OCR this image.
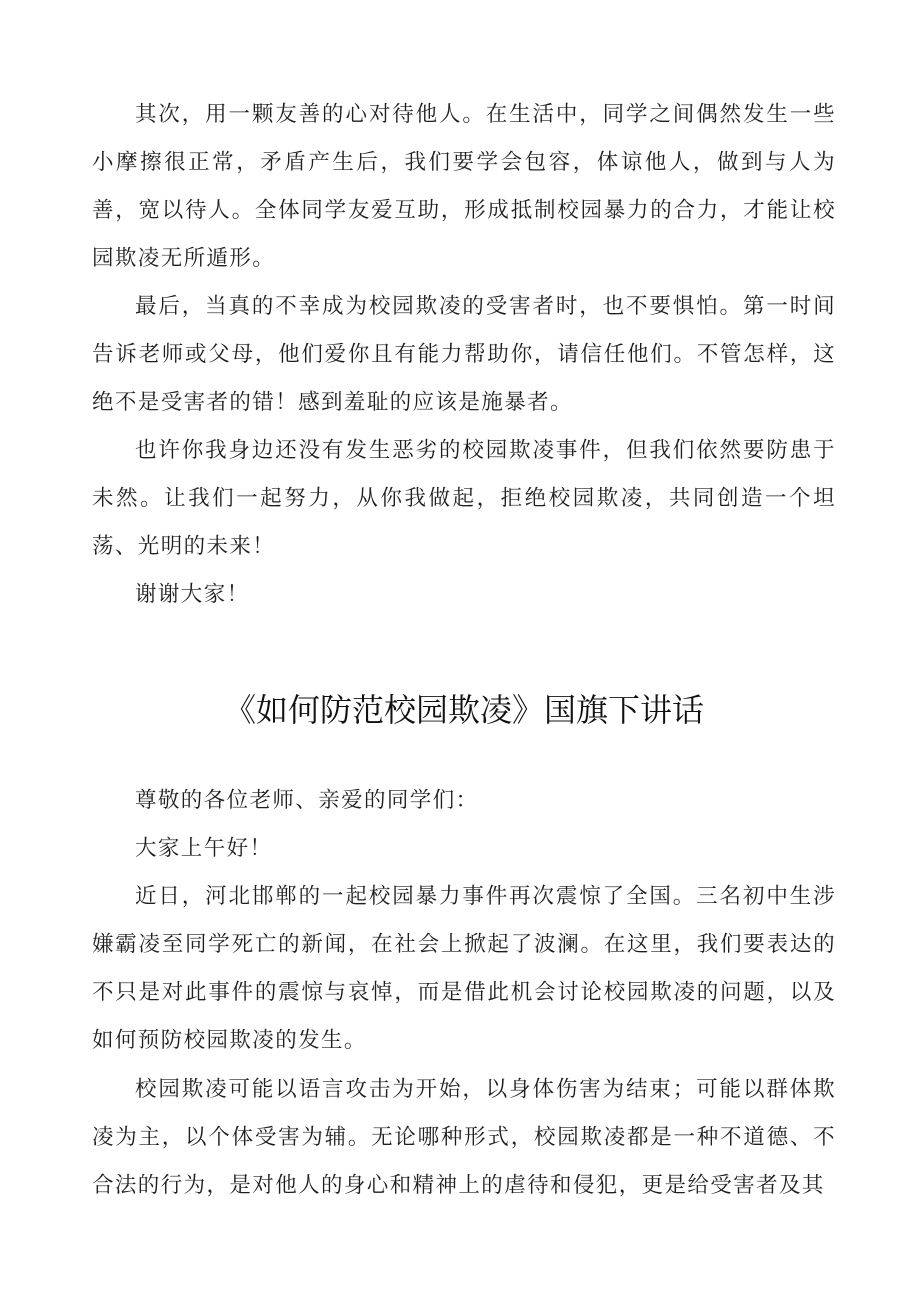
其次，用一颗友善的心对待他人。在生活中，同学之间偶然发生一些小摩擦很正常，矛盾产生后，我们要学会包容，体谅他人，做到与人为善，宽以待人。全体同学友爱互助，形成抵制校园暴力的合力，才能让校园欺凌无所遁形。

最后，当真的不幸成为校园欺凌的受害者时，也不要惧怕。第一时间告诉老师或父母，他们爱你且有能力帮助你，请信任他们。不管怎样，这绝不是受害者的错！感到羞耻的应该是施暴者。

也许你我身边还没有发生恶劣的校园欺凌事件，但我们依然要防患于未然。让我们一起努力，从你我做起，拒绝校园欺凌，共同创造一个坦荡、光明的未来！

谢谢大家！

《如何防范校园欺凌》国旗下讲话

尊敬的各位老师、亲爱的同学们：

大家上午好！

近日，河北邯郸的一起校园暴力事件再次震惊了全国。三名初中生涉嫌霸凌至同学死亡的新闻，在社会上掀起了波澜。在这里，我们要表达的不只是对此事件的震惊与哀悼，而是借此机会讨论校园欺凌的问题，以及如何预防校园欺凌的发生。

校园欺凌可能以语言攻击为开始，以身体伤害为结束；可能以群体欺凌为主，以个体受害为辅。无论哪种形式，校园欺凌都是一种不道德、不合法的行为，是对他人的身心和精神上的虐待和侵犯，更是给受害者及其
